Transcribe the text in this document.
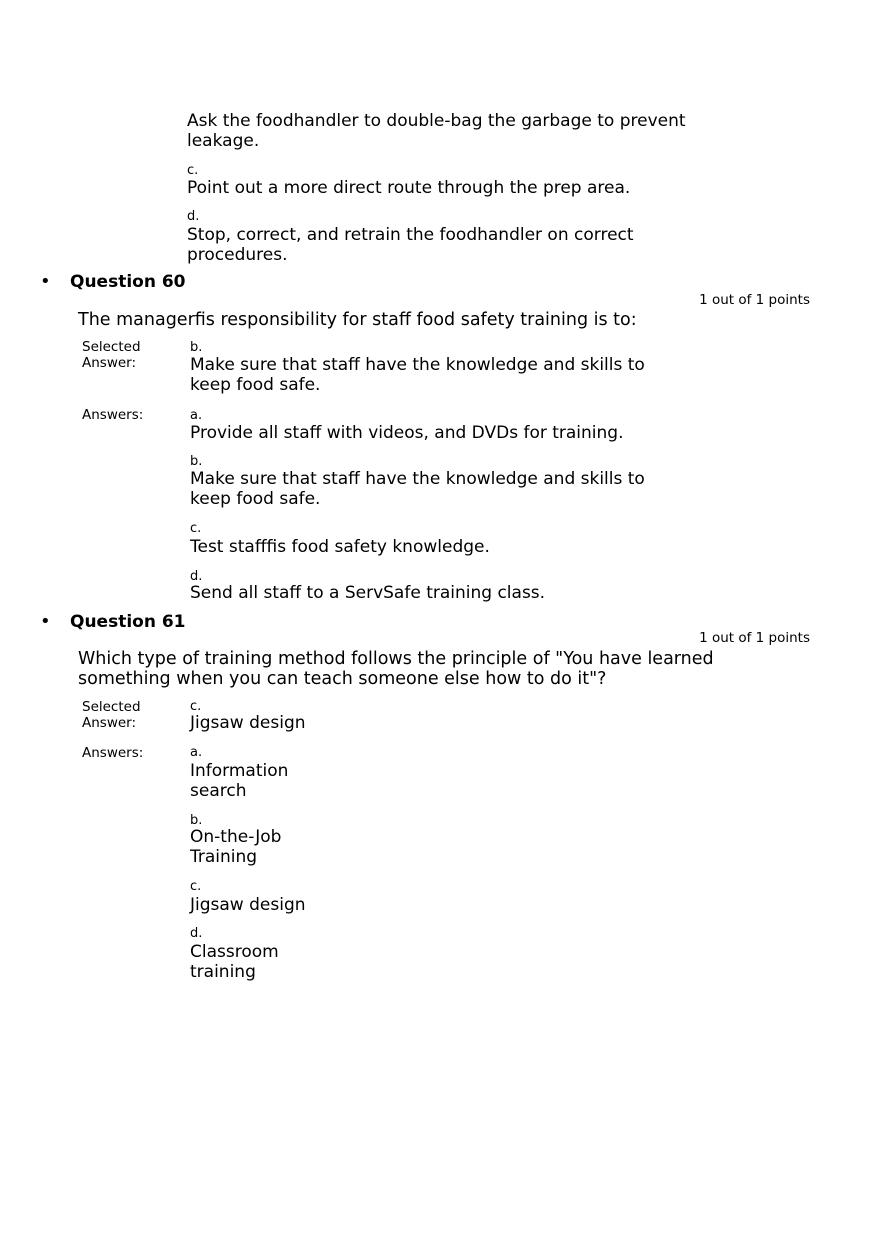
Ask the foodhandler to double-bag the garbage to prevent leakage.
c.
Point out a more direct route through the prep area.
d.
Stop, correct, and retrain the foodhandler on correct procedures.
• Question 60
1 out of 1 points
The managerfis responsibility for staff food safety training is to:
Selected
Answer:
b.
Make sure that staff have the knowledge and skills to keep food safe.
Answers:	a.
Provide all staff with videos, and DVDs for training.
b.
Make sure that staff have the knowledge and skills to keep food safe.
c.
Test stafffis food safety knowledge.
d.
Send all staff to a ServSafe training class.
• Question 61
1 out of 1 points
Which type of training method follows the principle of "You have learned something when you can teach someone else how to do it"?
Selected
Answer:
c.
Jigsaw design
Answers:	a.
Information search
b.
On-the-Job Training
c.
Jigsaw design
d.
Classroom training
